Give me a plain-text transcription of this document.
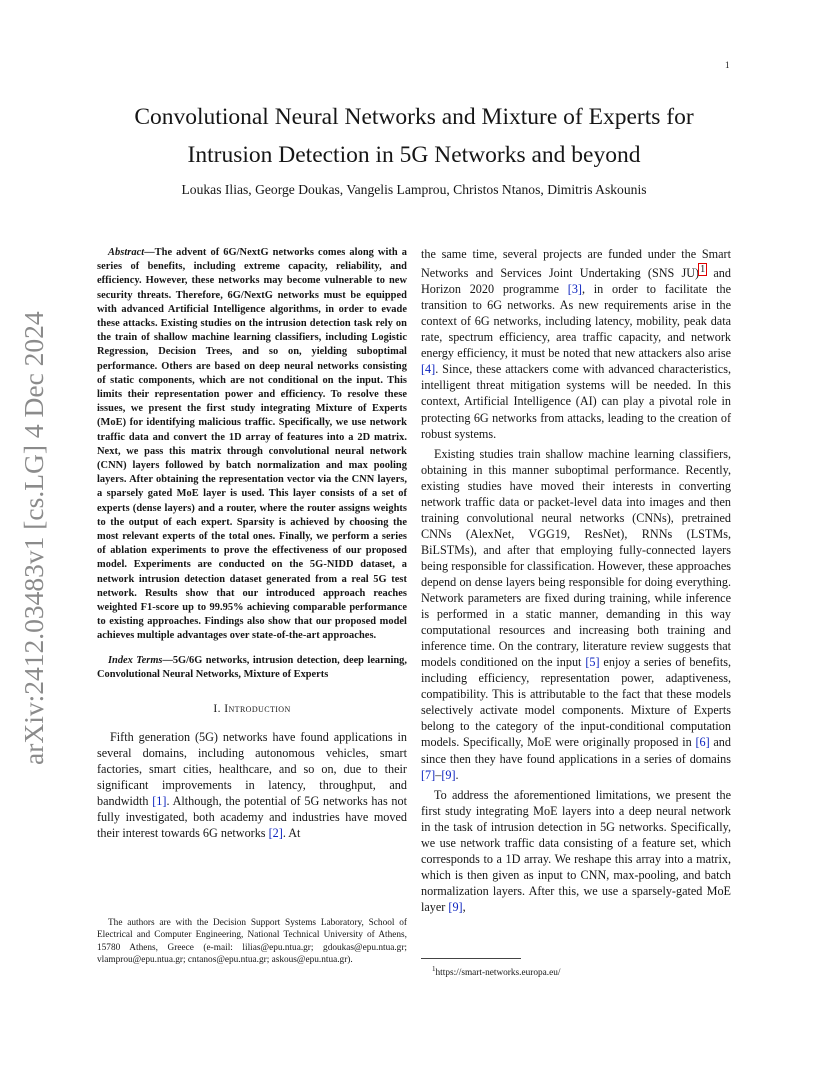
1
arXiv:2412.03483v1 [cs.LG] 4 Dec 2024
Convolutional Neural Networks and Mixture of Experts for
Intrusion Detection in 5G Networks and beyond
Loukas Ilias, George Doukas, Vangelis Lamprou, Christos Ntanos, Dimitris Askounis

Abstract—The advent of 6G/NextG networks comes along with a series of benefits, including extreme capacity, reliability, and efficiency. However, these networks may become vulnerable to new security threats. Therefore, 6G/NextG networks must be equipped with advanced Artificial Intelligence algorithms, in order to evade these attacks. Existing studies on the intrusion detection task rely on the train of shallow machine learning classifiers, including Logistic Regression, Decision Trees, and so on, yielding suboptimal performance. Others are based on deep neural networks consisting of static components, which are not conditional on the input. This limits their representation power and efficiency. To resolve these issues, we present the first study integrating Mixture of Experts (MoE) for identifying malicious traffic. Specifically, we use network traffic data and convert the 1D array of features into a 2D matrix. Next, we pass this matrix through convolutional neural network (CNN) layers followed by batch normalization and max pooling layers. After obtaining the representation vector via the CNN layers, a sparsely gated MoE layer is used. This layer consists of a set of experts (dense layers) and a router, where the router assigns weights to the output of each expert. Sparsity is achieved by choosing the most relevant experts of the total ones. Finally, we perform a series of ablation experiments to prove the effectiveness of our proposed model. Experiments are conducted on the 5G-NIDD dataset, a network intrusion detection dataset generated from a real 5G test network. Results show that our introduced approach reaches weighted F1-score up to 99.95% achieving comparable performance to existing approaches. Findings also show that our proposed model achieves multiple advantages over state-of-the-art approaches.

Index Terms—5G/6G networks, intrusion detection, deep learning, Convolutional Neural Networks, Mixture of Experts

I. Introduction

Fifth generation (5G) networks have found applications in several domains, including autonomous vehicles, smart factories, smart cities, healthcare, and so on, due to their significant improvements in latency, throughput, and bandwidth [1]. Although, the potential of 5G networks has not fully investigated, both academy and industries have moved their interest towards 6G networks [2]. At

The authors are with the Decision Support Systems Laboratory, School of Electrical and Computer Engineering, National Technical University of Athens, 15780 Athens, Greece (e-mail: lilias@epu.ntua.gr; gdoukas@epu.ntua.gr; vlamprou@epu.ntua.gr; cntanos@epu.ntua.gr; askous@epu.ntua.gr).

the same time, several projects are funded under the Smart Networks and Services Joint Undertaking (SNS JU)$^1$ and Horizon 2020 programme [3], in order to facilitate the transition to 6G networks. As new requirements arise in the context of 6G networks, including latency, mobility, peak data rate, spectrum efficiency, area traffic capacity, and network energy efficiency, it must be noted that new attackers also arise [4]. Since, these attackers come with advanced characteristics, intelligent threat mitigation systems will be needed. In this context, Artificial Intelligence (AI) can play a pivotal role in protecting 6G networks from attacks, leading to the creation of robust systems.

Existing studies train shallow machine learning classifiers, obtaining in this manner suboptimal performance. Recently, existing studies have moved their interests in converting network traffic data or packet-level data into images and then training convolutional neural networks (CNNs), pretrained CNNs (AlexNet, VGG19, ResNet), RNNs (LSTMs, BiLSTMs), and after that employing fully-connected layers being responsible for classification. However, these approaches depend on dense layers being responsible for doing everything. Network parameters are fixed during training, while inference is performed in a static manner, demanding in this way computational resources and increasing both training and inference time. On the contrary, literature review suggests that models conditioned on the input [5] enjoy a series of benefits, including efficiency, representation power, adaptiveness, compatibility. This is attributable to the fact that these models selectively activate model components. Mixture of Experts belong to the category of the input-conditional computation models. Specifically, MoE were originally proposed in [6] and since then they have found applications in a series of domains [7]–[9].

To address the aforementioned limitations, we present the first study integrating MoE layers into a deep neural network in the task of intrusion detection in 5G networks. Specifically, we use network traffic data consisting of a feature set, which corresponds to a 1D array. We reshape this array into a matrix, which is then given as input to CNN, max-pooling, and batch normalization layers. After this, we use a sparsely-gated MoE layer [9],

$^1$https://smart-networks.europa.eu/
